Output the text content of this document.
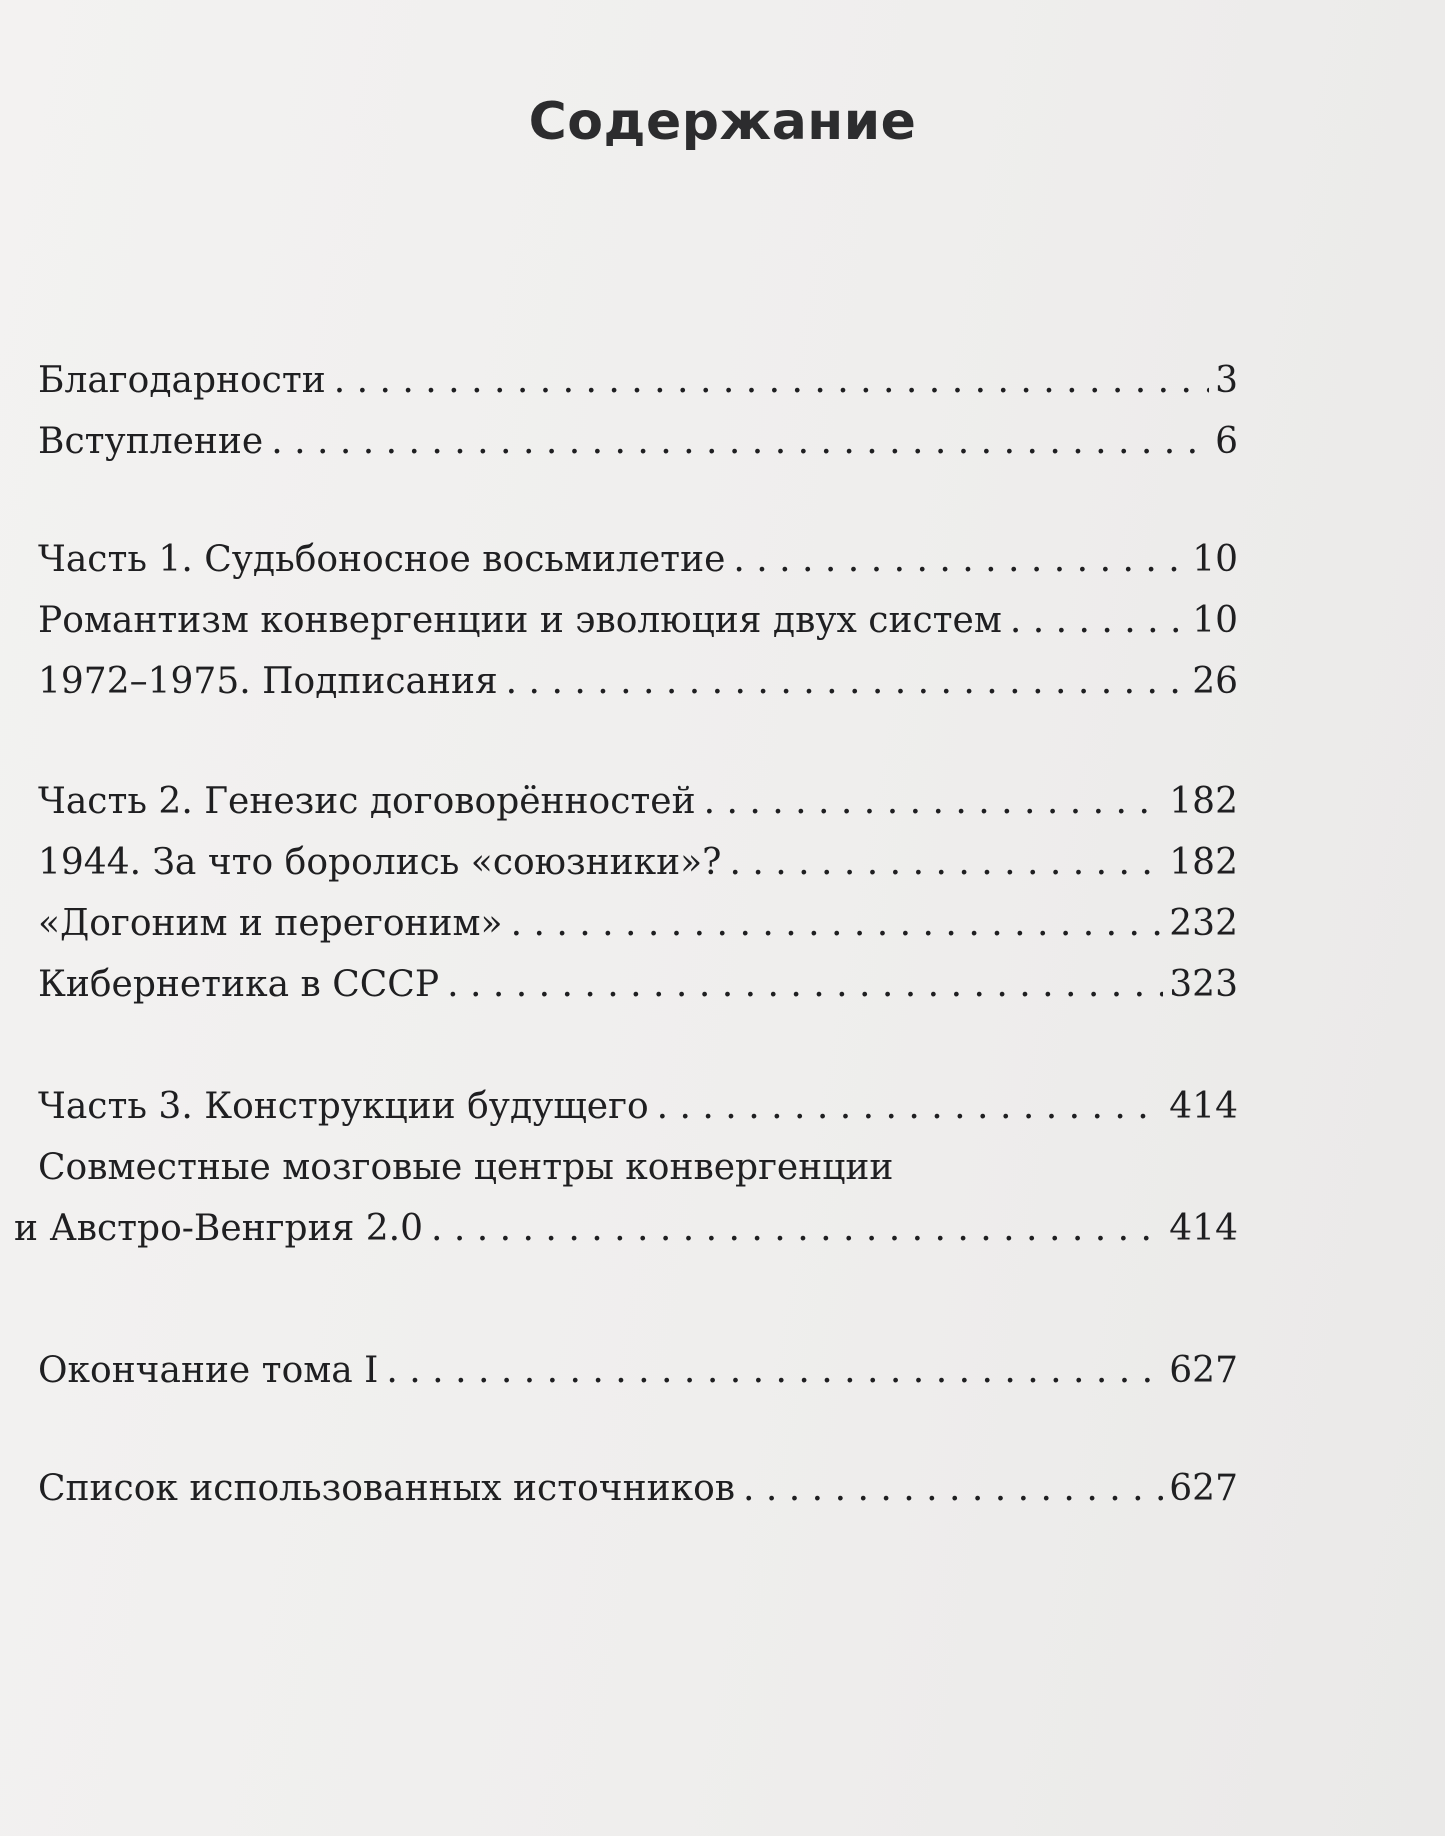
Содержание
Благодарности . . .	3
Вступление . . .	6
Часть 1. Судьбоносное восьмилетие . . .	10
Романтизм конвергенции и эволюция двух систем . . .	10
1972–1975. Подписания . . .	26
Часть 2. Генезис договорённостей . . .	182
1944. За что боролись «союзники»? . . .	182
«Догоним и перегоним» . . .	232
Кибернетика в СССР . . .	323
Часть 3. Конструкции будущего . . .	414
Совместные мозговые центры конвергенции
и Австро-Венгрия 2.0 . . .	414
Окончание тома I . . .	627
Список использованных источников . . .	627
